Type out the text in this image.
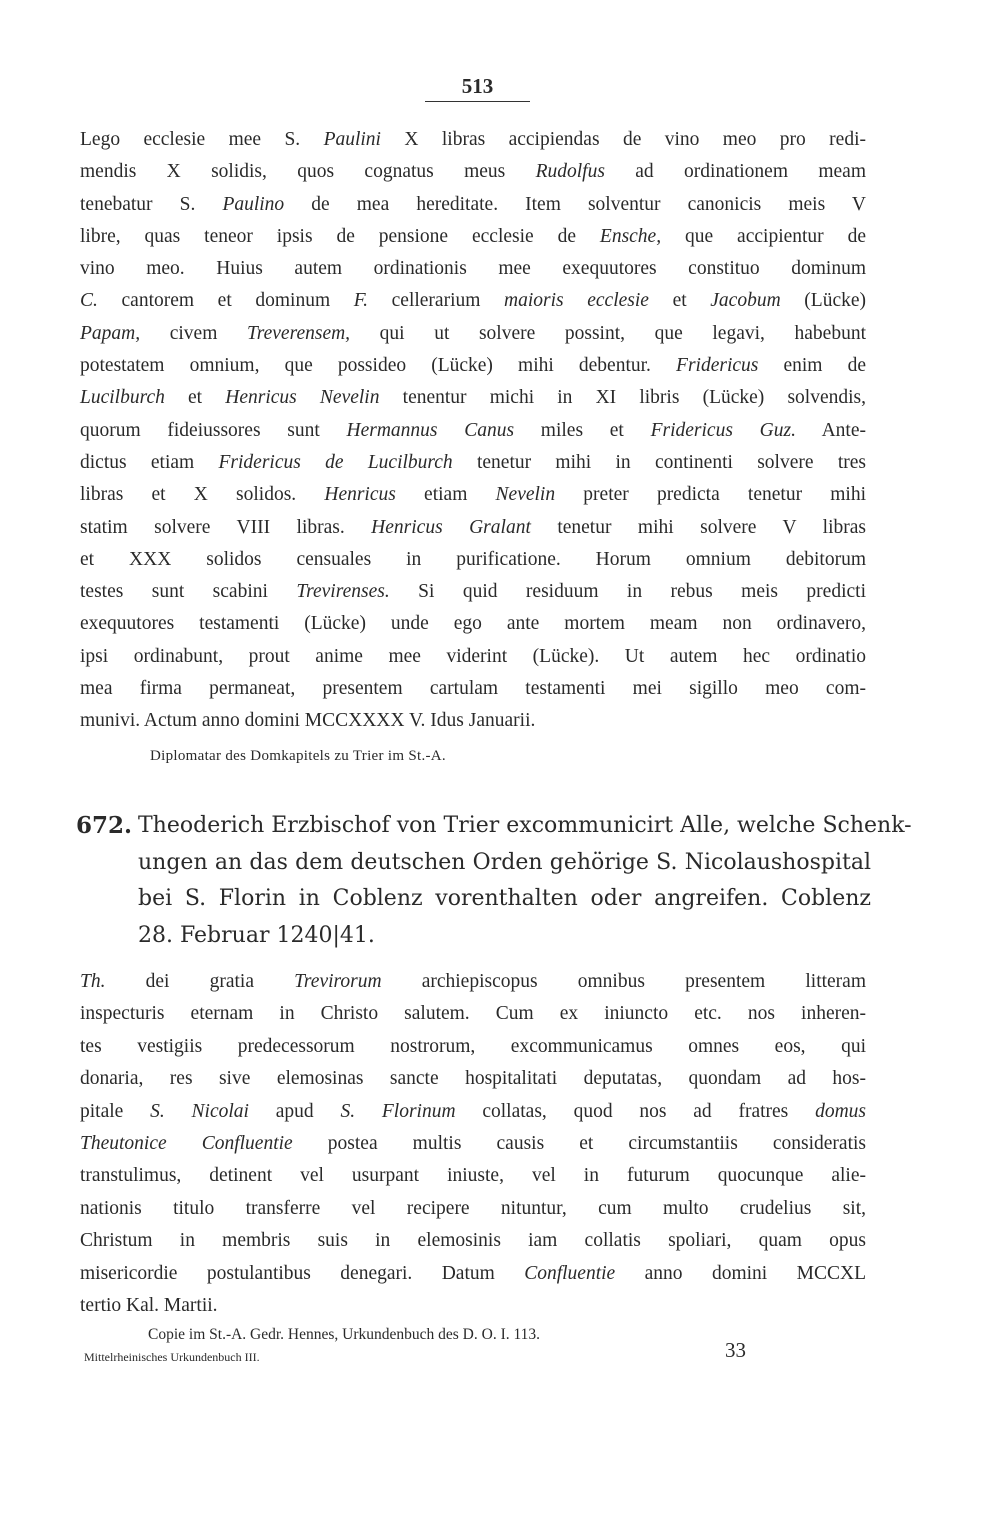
513
Lego ecclesie mee S. Paulini X libras accipiendas de vino meo pro redi-
mendis X solidis, quos cognatus meus Rudolfus ad ordinationem meam
tenebatur S. Paulino de mea hereditate. Item solventur canonicis meis V
libre, quas teneor ipsis de pensione ecclesie de Ensche, que accipientur de
vino meo. Huius autem ordinationis mee exequutores constituo dominum
C. cantorem et dominum F. cellerarium maioris ecclesie et Jacobum (Lücke)
Papam, civem Treverensem, qui ut solvere possint, que legavi, habebunt
potestatem omnium, que possideo (Lücke) mihi debentur. Fridericus enim de
Lucilburch et Henricus Nevelin tenentur michi in XI libris (Lücke) solvendis,
quorum fideiussores sunt Hermannus Canus miles et Fridericus Guz. Ante-
dictus etiam Fridericus de Lucilburch tenetur mihi in continenti solvere tres
libras et X solidos. Henricus etiam Nevelin preter predicta tenetur mihi
statim solvere VIII libras. Henricus Gralant tenetur mihi solvere V libras
et XXX solidos censuales in purificatione. Horum omnium debitorum
testes sunt scabini Trevirenses. Si quid residuum in rebus meis predicti
exequutores testamenti (Lücke) unde ego ante mortem meam non ordinavero,
ipsi ordinabunt, prout anime mee viderint (Lücke). Ut autem hec ordinatio
mea firma permaneat, presentem cartulam testamenti mei sigillo meo com-
munivi. Actum anno domini MCCXXXX V. Idus Januarii.
Diplomatar des Domkapitels zu Trier im St.-A.
672. Theoderich Erzbischof von Trier excommunicirt Alle, welche Schenk-
ungen an das dem deutschen Orden gehörige S. Nicolaushospital
bei S. Florin in Coblenz vorenthalten oder angreifen. Coblenz
28. Februar 1240|41.
Th. dei gratia Trevirorum archiepiscopus omnibus presentem litteram
inspecturis eternam in Christo salutem. Cum ex iniuncto etc. nos inheren-
tes vestigiis predecessorum nostrorum, excommunicamus omnes eos, qui
donaria, res sive elemosinas sancte hospitalitati deputatas, quondam ad hos-
pitale S. Nicolai apud S. Florinum collatas, quod nos ad fratres domus
Theutonice Confluentie postea multis causis et circumstantiis consideratis
transtulimus, detinent vel usurpant iniuste, vel in futurum quocunque alie-
nationis titulo transferre vel recipere nituntur, cum multo crudelius sit,
Christum in membris suis in elemosinis iam collatis spoliari, quam opus
misericordie postulantibus denegari. Datum Confluentie anno domini MCCXL
tertio Kal. Martii.
Copie im St.-A. Gedr. Hennes, Urkundenbuch des D. O. I. 113.
Mittelrheinisches Urkundenbuch III.	33
